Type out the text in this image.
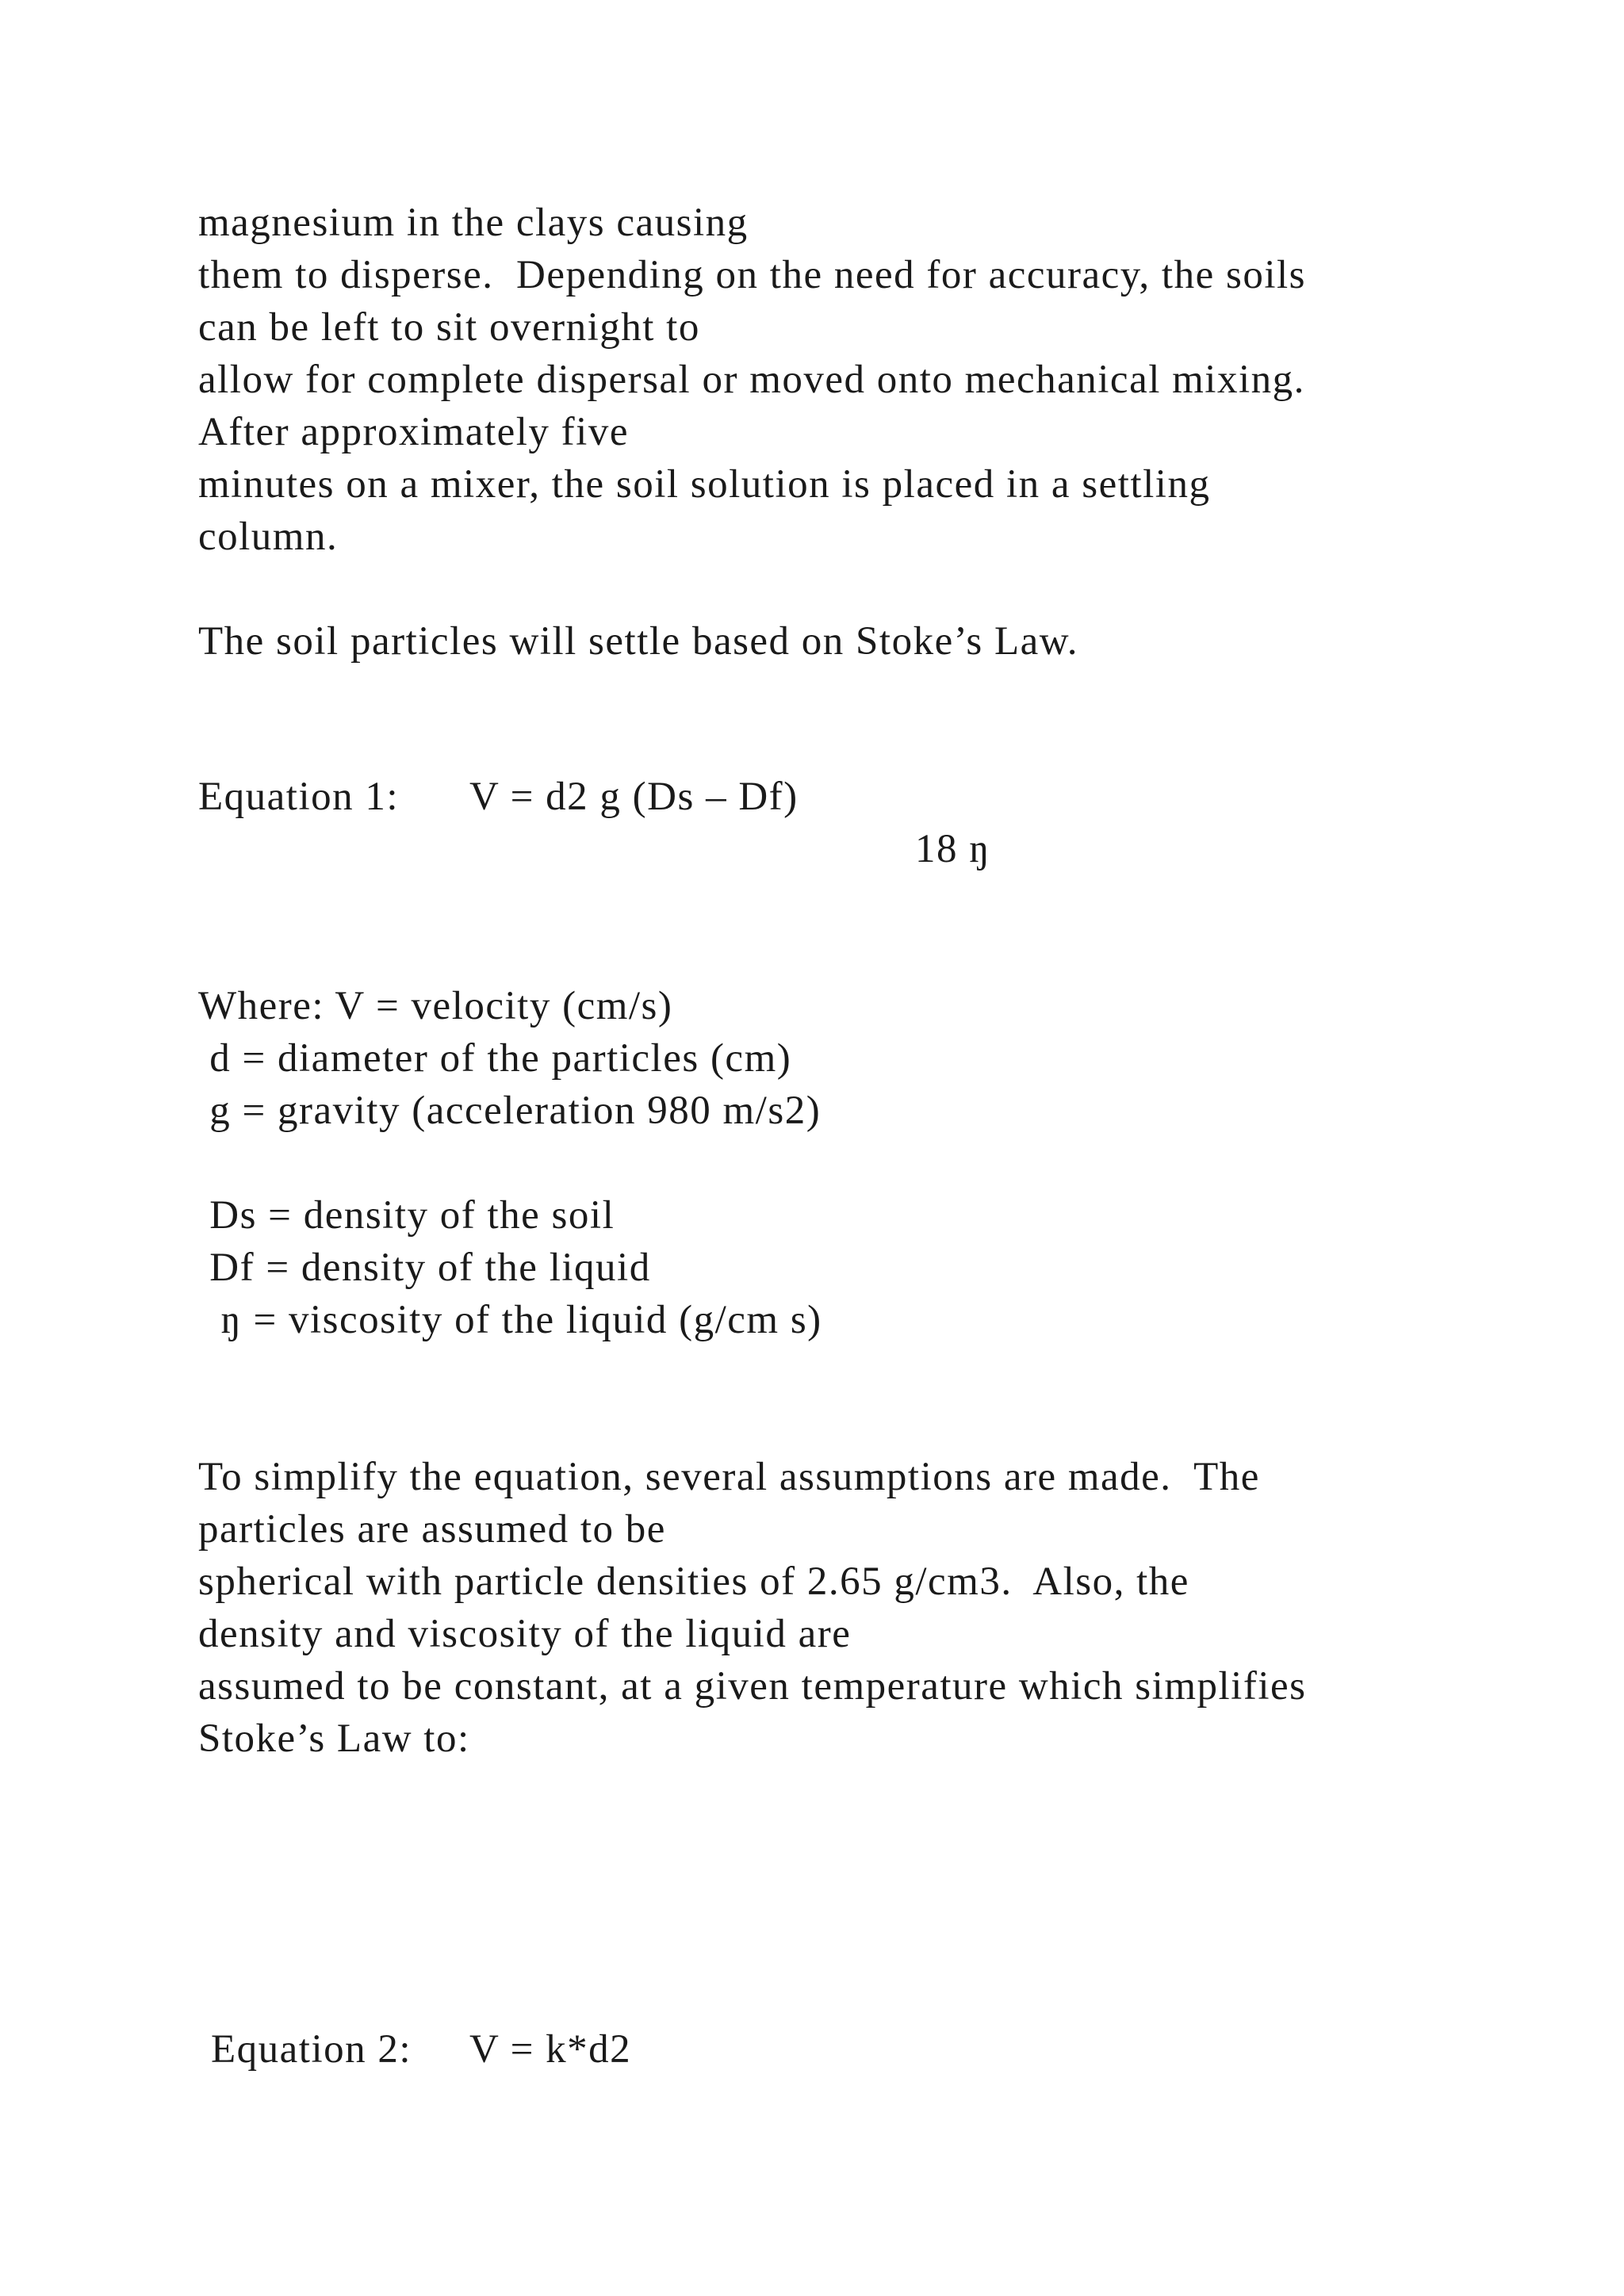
magnesium in the clays causing
them to disperse.  Depending on the need for accuracy, the soils
can be left to sit overnight to
allow for complete dispersal or moved onto mechanical mixing.
After approximately five
minutes on a mixer, the soil solution is placed in a settling
column.
The soil particles will settle based on Stoke’s Law.
Equation 1: V = d2 g (Ds – Df)
18 ŋ
Where: V = velocity (cm/s)
d = diameter of the particles (cm)
g = gravity (acceleration 980 m/s2)
Ds = density of the soil
Df = density of the liquid
ŋ = viscosity of the liquid (g/cm s)
To simplify the equation, several assumptions are made.  The
particles are assumed to be
spherical with particle densities of 2.65 g/cm3.  Also, the
density and viscosity of the liquid are
assumed to be constant, at a given temperature which simplifies
Stoke’s Law to:
Equation 2: V = k*d2
